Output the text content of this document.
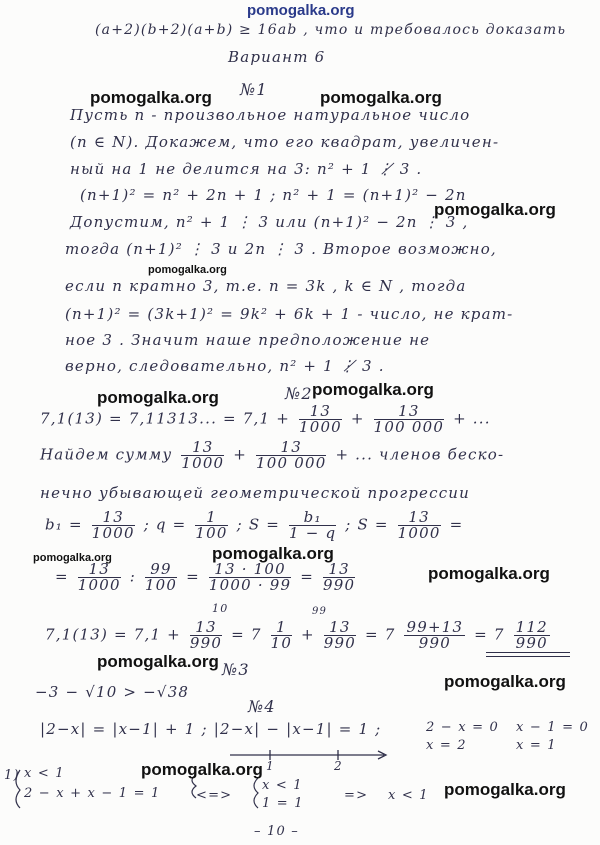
pomogalka.org
(a+2)(b+2)(a+b) ≥ 16ab , что и требовалось доказать
Вариант 6
№1
pomogalka.org	pomogalka.org
Пусть n - произвольное натуральное число
(n ∈ N). Докажем, что его квадрат, увеличен-
ный на 1 не делится на 3: n² + 1 ⋮̸ 3 .
(n+1)² = n² + 2n + 1 ; n² + 1 = (n+1)² − 2n
pomogalka.org
Допустим, n² + 1 ⋮ 3 или (n+1)² − 2n ⋮ 3 ,
тогда (n+1)² ⋮ 3 и 2n ⋮ 3 . Второе возможно,
pomogalka.org
если n кратно 3, т.е. n = 3k , k ∈ N , тогда
(n+1)² = (3k+1)² = 9k² + 6k + 1 - число, не крат-
ное 3 . Значит наше предположение не
верно, следовательно, n² + 1 ⋮̸ 3 .
pomogalka.org	№2 pomogalka.org
7,1(13) = 7,11313... = $7,1 + \frac{13}{1000} + \frac{13}{100 000}$ + ...
Найдем сумму $\frac{13}{1000} + \frac{13}{100 000}$ + ... членов беско-
нечно убывающей геометрической прогрессии
$b_1 = \frac{13}{1000}$ ; $q = \frac{1}{100}$ ; $S = \frac{\text{b₁}}{1 - q}$ ; $S = \frac{13}{1000}$ =
pomogalka.org	pomogalka.org
pomogalka.org
= $\frac{13}{1000}$ : $\frac{99}{100} = \frac{13 \cdot 100}{1000 \cdot 99} = \frac{13}{990}$
10
$7,1(13) = 7,1 + \frac{13}{990} = 7 \frac{1}{10} + \frac{13}{990} = 7 \frac{99+13}{990} = 7 \frac{112}{990}$
99
pomogalka.org №3
pomogalka.org
−3 − √10 > −√38
№4
|2−x| = |x−1| + 1 ; |2−x| − |x−1| = 1 ;	2 − x = 0
x = 2
x − 1 = 0
x = 1
1	2
pomogalka.org
pomogalka.org
1) x < 1
2 − x + x − 1 = 1	<=>
x < 1
1 = 1
=> x < 1
– 10 –
